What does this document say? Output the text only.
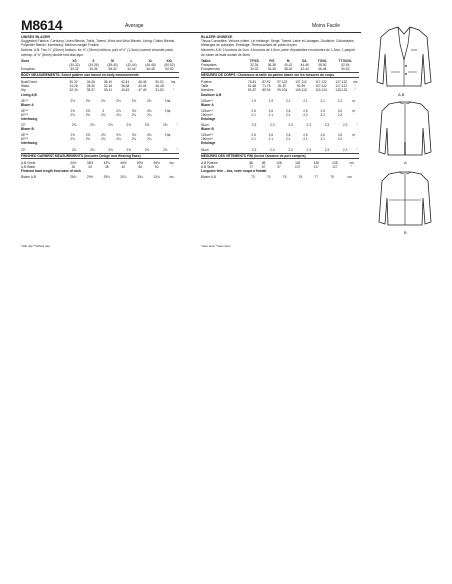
M8614	Average	Moins Facile
UNISEX BLAZER
Suggested Fabrics: Corduroy, Linen Blends, Twills, Tweed, Wool and Wool Blends. Lining: Cotton Blends, Polyester Blends. Interfacing: Medium-weight Fusible.
Notions: A,B: Two ⅞" (22mm) buttons, six ⅝" (15mm) buttons, pair of ½" (1.3cm) covered shoulder pads, overlap, of ¾" (6mm) double fold bias tape.
Sizes	XS	S	M	L	XL	XXL
	(30-32)	(34-36)	(38-40)	(42-44)	(46-48)	(50-52)
European	30-32	34-36	38-40	42-44	46-48	50-52
BODY MEASUREMENTS: Select pattern size based on body measurements
Bust/Chest	30-32	34-36	38-40	42-44	46-48	50-52	Ins.
Waist	24-26	28-30	32-34	36-38	42-44	46-48	"
Hip	32-34	35-37	39-41	43-45	47-49	51-53	"
Lining A,B
45"**	2⅛	2⅛	2⅛	2⅛	2⅛	2⅛	Yds.
Blazer A
45"**	2⅝	2⅝	3	2⅞	3⅛	3⅛	Yds.
60"**	2⅛	2⅛	2⅛	2⅛	2¼	2¼	"
Interfacing
20"	2⅝	2⅝	2⅝	2⅝	2⅝	2⅝	"
Blazer B
45"**	2⅝	2⅝	2⅝	2⅝	3⅛	3⅛	Yds.
60"**	2⅛	2⅛	2⅛	2⅛	2¼	2¼	"
Interfacing
20"	2⅝	2⅝	2⅝	2⅝	2⅝	2⅝	"
FINISHED GARMENT MEASUREMENTS (Includes Design and Wearing Ease)
A,B Chest	34½	38½	42½	46½	50½	54½	Ins.
A,B Waist	30	34	38	42	46	50	"
Finished back length from base of neck
Blazer A,B	28¾	29⅛	29½	29⅞	30¼	31⅛	Ins.
BLAZER UNISEXE
Tissus Conseillés: Velours côtelé, Lin mélangé, Sergé, Tweed, Laine et Lainages. Doublure: Cotonnades, Mélanges de polyester. Entoilage: Thermocollant de poids moyen.
Mercerie: A,B: 2 boutons de 2cm, 6 boutons de 1,5cm, paire d'épaulettes recouvertes de 1,3cm, 1 paquet de ruban de biais double de 6mm.
Tailles	TP/XS	P/S	M	G/L	TG/XL	TTG/XXL
Françaises	32-34	36-38	40-42	44-46	48-50	52-54
Européennes	30-32	34-36	38-40	42-44	46-48	50-52
MESURES DE CORPS: Choisissez la taille du patron basée sur les mesures du corps.
Poitrine	76-81	87-92	97-102	107-112	117-122	127-132	cm
Taille	61-66	71-76	81-87	92-99	107-112	117-122	"
Hanches	81-87	89-94	99-104	109-115	119-124	128-133	"
Doublure A,B
115cm**	1,9	1,9	2,1	2,1	2,1	2,1	m
Blazer A
115cm**	2,6	2,6	2,6	2,6	2,9	3,0	m
150cm**	2,1	2,1	2,1	2,2	2,2	2,3	"
Entoilage
51cm	2,3	2,3	2,3	2,3	2,3	2,3	"
Blazer B
115cm**	2,6	2,6	2,6	2,6	2,6	2,6	m
150cm**	2,1	2,1	2,1	2,1	2,1	2,2	"
Entoilage
51cm	2,3	2,3	2,3	2,3	2,3	2,3	"
MESURES DES VÊTEMENTS FINI (Inclut l'aisance de port compris)
A,B Poitrine	88	98	108	118	128	138	cm
A,B Taille	77	87	97	107	117	127	"
Longueur finie – dos, votre nuque à finafait
Blazer A,B	73	74	75	76	77	79	cm
*with nap **without nap	*avec sens **sans sens
A,B
A
B
